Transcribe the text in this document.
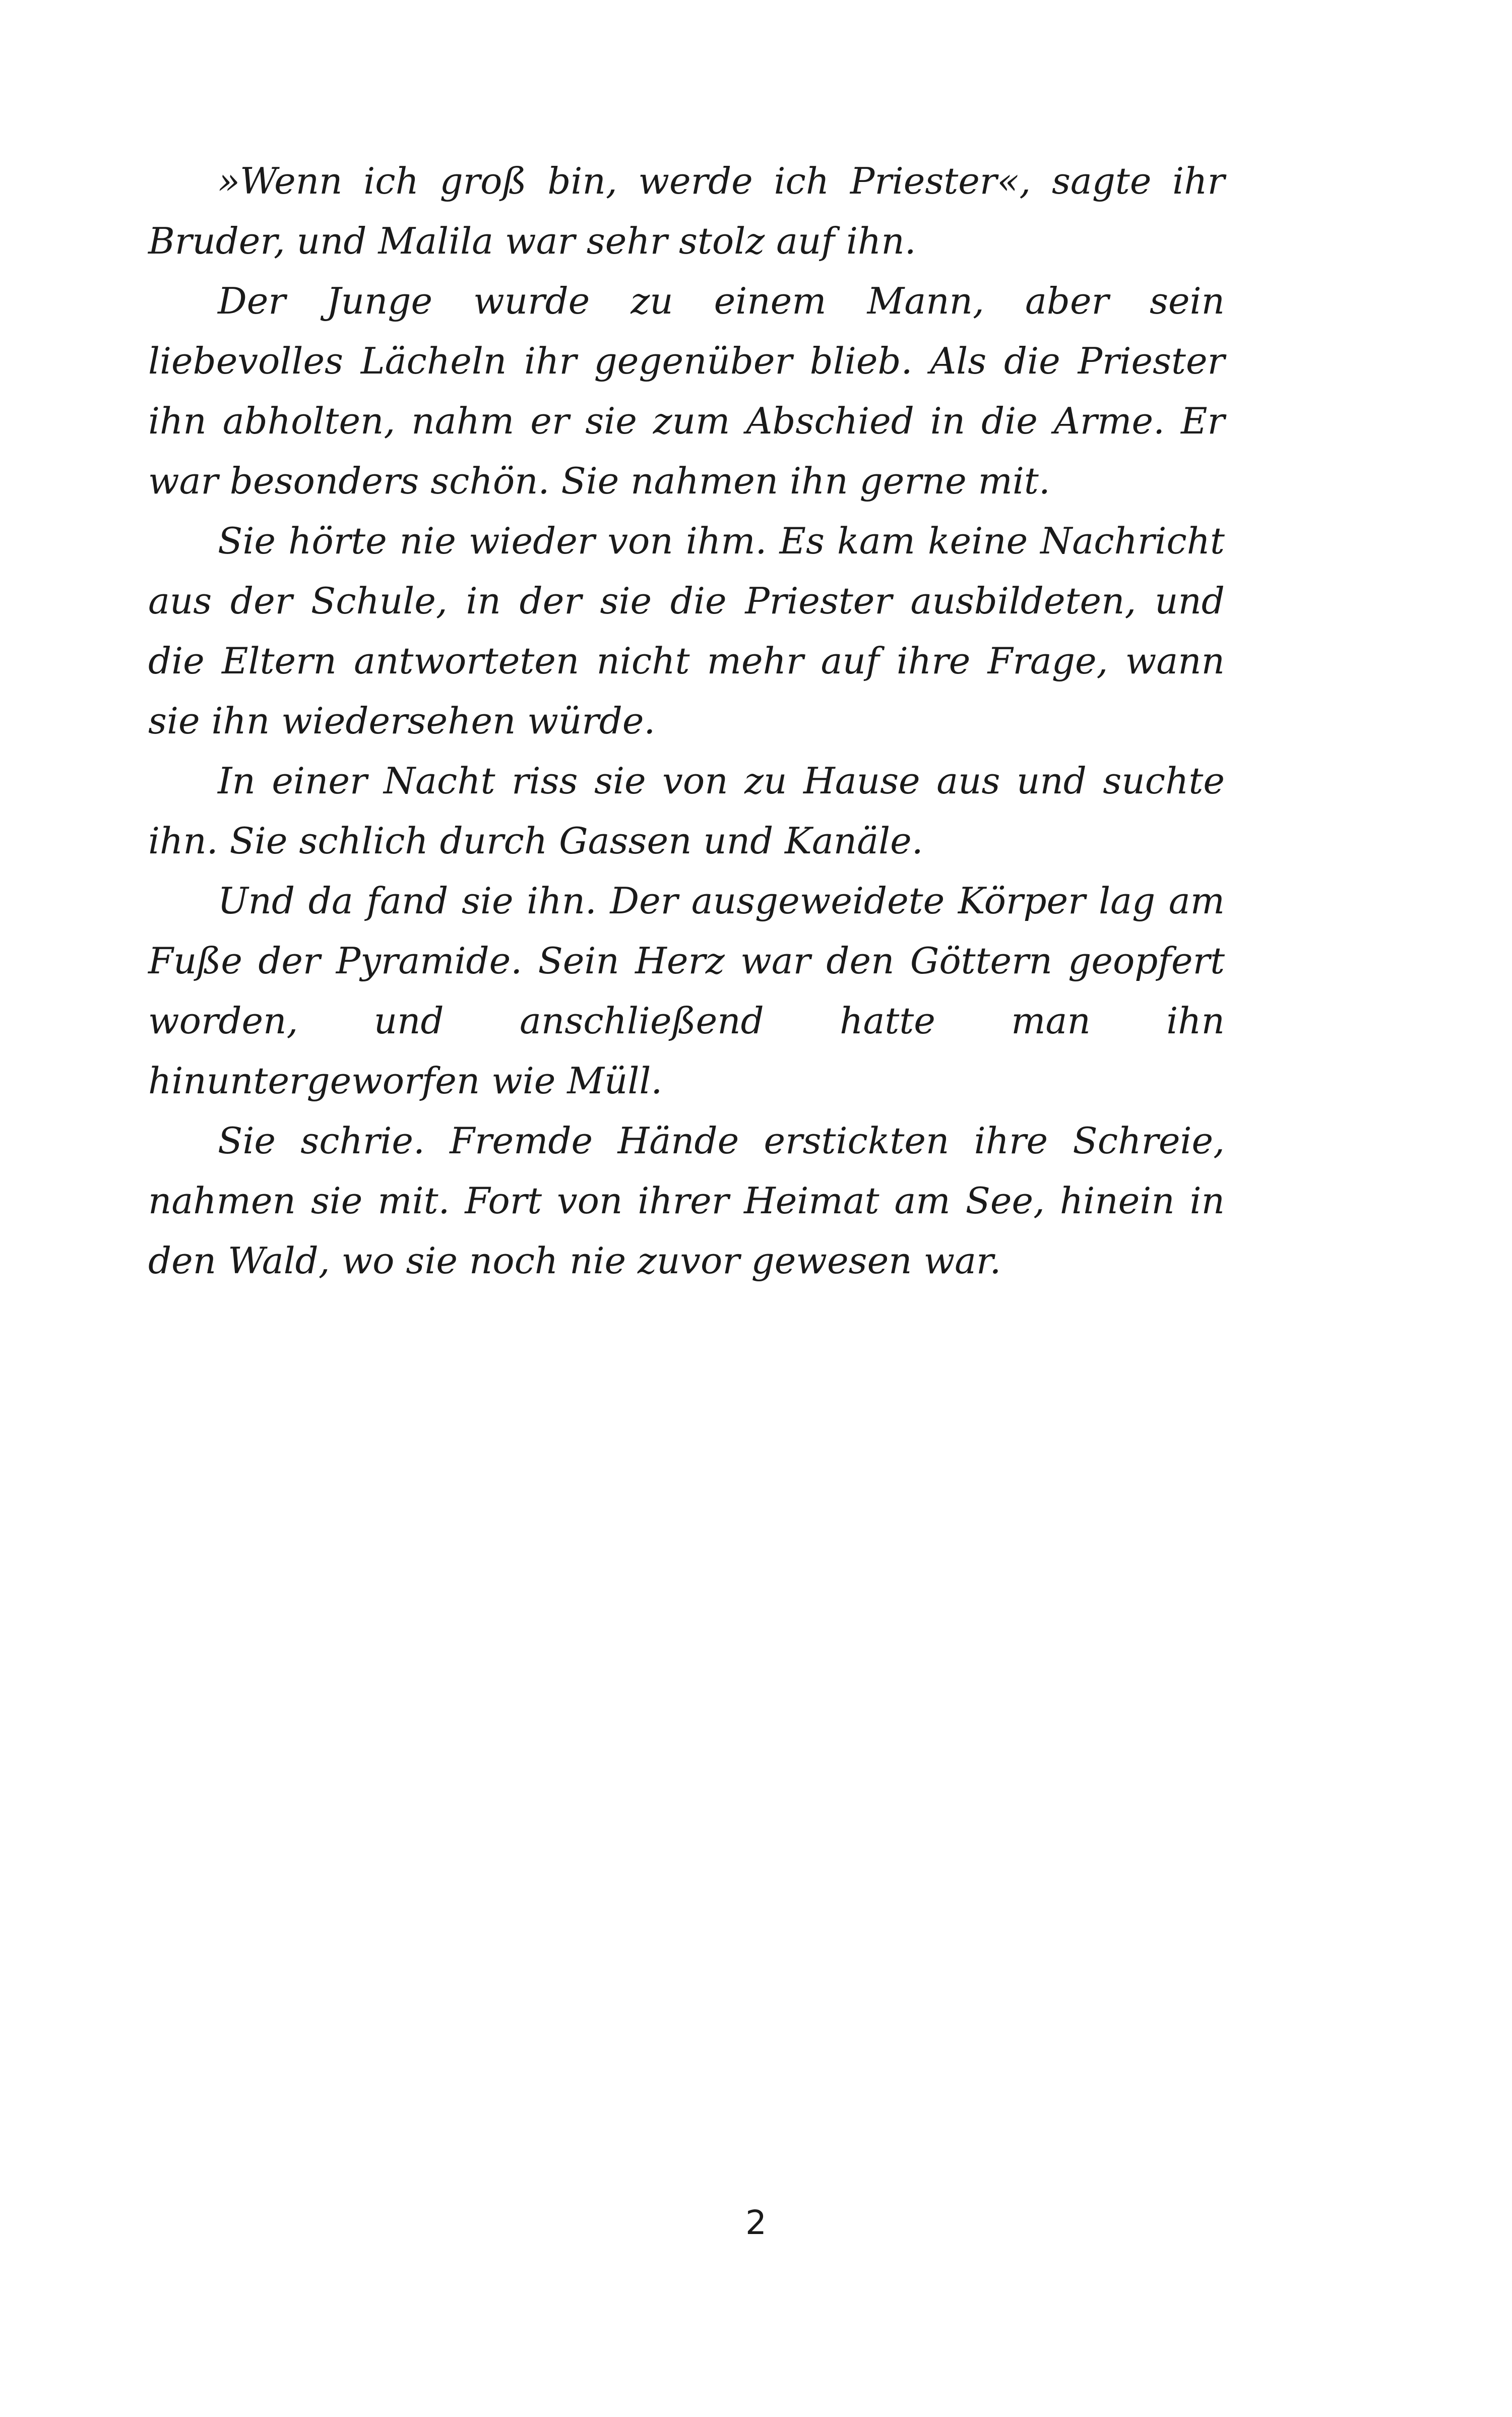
»Wenn ich groß bin, werde ich Priester«, sagte ihr Bruder, und Malila war sehr stolz auf ihn.

Der Junge wurde zu einem Mann, aber sein liebevolles Lächeln ihr gegenüber blieb. Als die Priester ihn abholten, nahm er sie zum Abschied in die Arme. Er war besonders schön. Sie nahmen ihn gerne mit.

Sie hörte nie wieder von ihm. Es kam keine Nachricht aus der Schule, in der sie die Priester ausbildeten, und die Eltern antworteten nicht mehr auf ihre Frage, wann sie ihn wiedersehen würde.

In einer Nacht riss sie von zu Hause aus und suchte ihn. Sie schlich durch Gassen und Kanäle.

Und da fand sie ihn. Der ausgeweidete Körper lag am Fuße der Pyramide. Sein Herz war den Göttern geopfert worden, und anschließend hatte man ihn hinuntergeworfen wie Müll.

Sie schrie. Fremde Hände erstickten ihre Schreie, nahmen sie mit. Fort von ihrer Heimat am See, hinein in den Wald, wo sie noch nie zuvor gewesen war.

2
